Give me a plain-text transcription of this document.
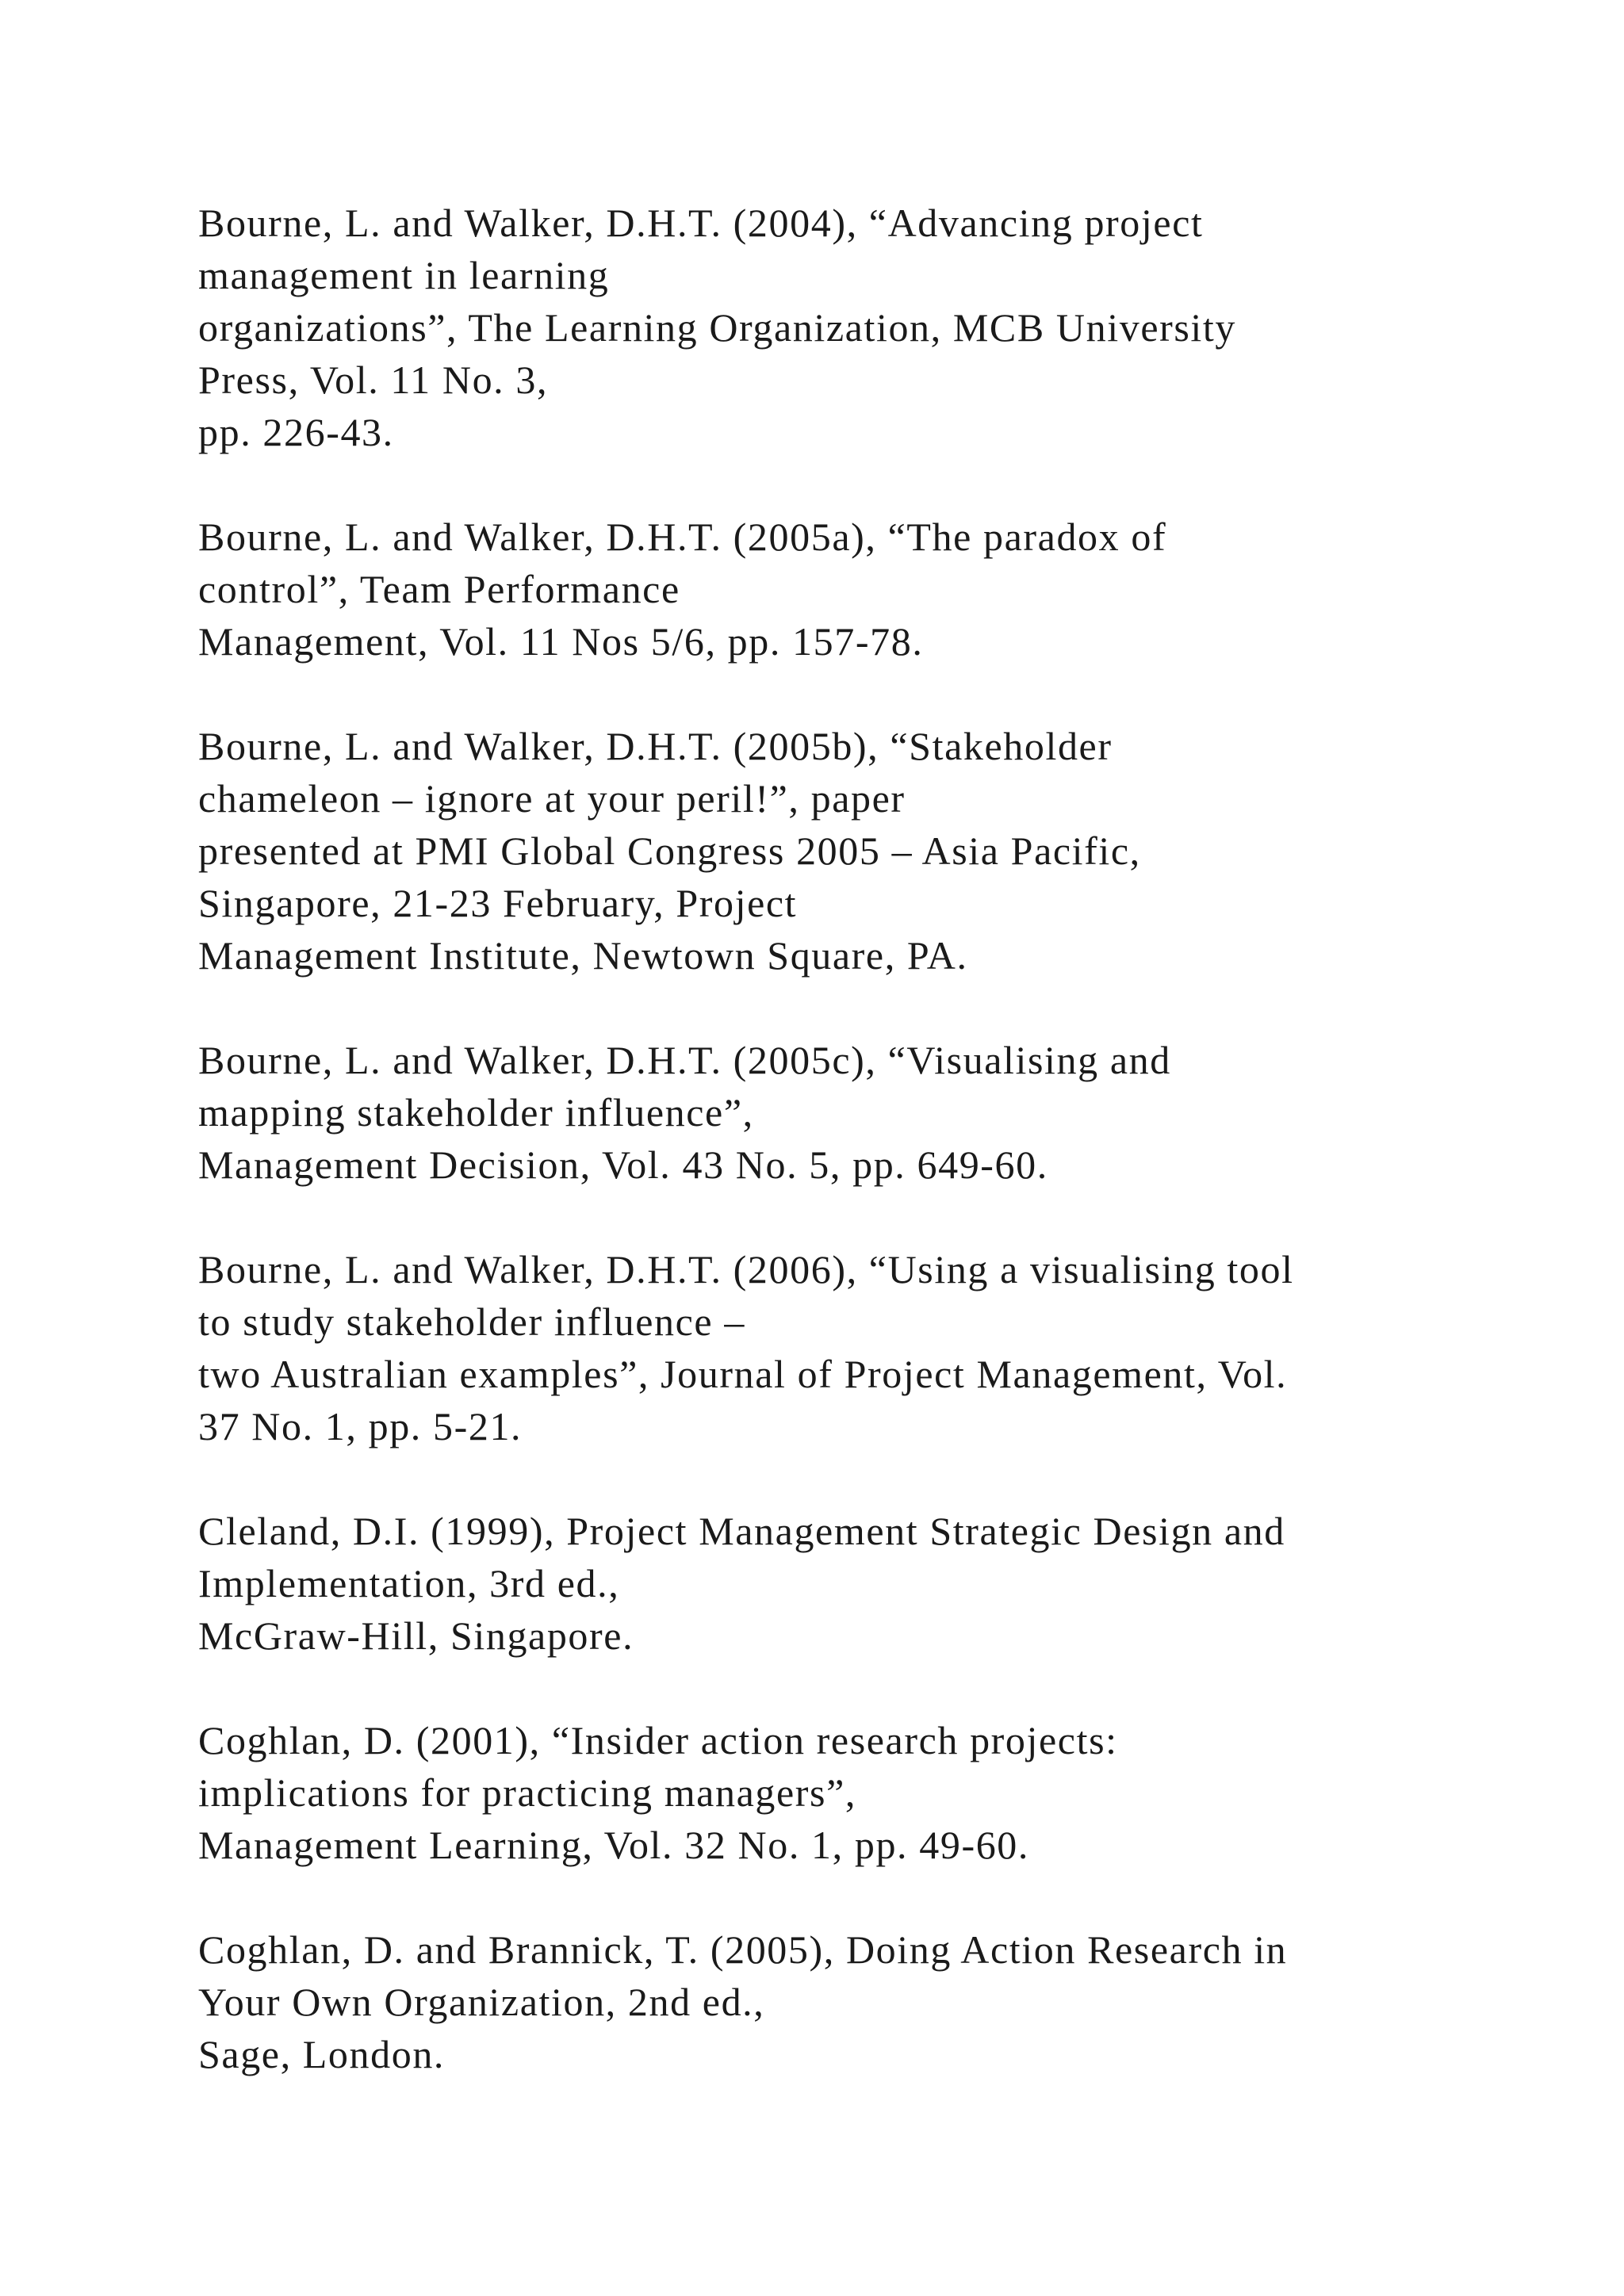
Bourne, L. and Walker, D.H.T. (2004), “Advancing project
management in learning
organizations”, The Learning Organization, MCB University
Press, Vol. 11 No. 3,
pp. 226-43.
Bourne, L. and Walker, D.H.T. (2005a), “The paradox of
control”, Team Performance
Management, Vol. 11 Nos 5/6, pp. 157-78.
Bourne, L. and Walker, D.H.T. (2005b), “Stakeholder
chameleon – ignore at your peril!”, paper
presented at PMI Global Congress 2005 – Asia Pacific,
Singapore, 21-23 February, Project
Management Institute, Newtown Square, PA.
Bourne, L. and Walker, D.H.T. (2005c), “Visualising and
mapping stakeholder influence”,
Management Decision, Vol. 43 No. 5, pp. 649-60.
Bourne, L. and Walker, D.H.T. (2006), “Using a visualising tool
to study stakeholder influence –
two Australian examples”, Journal of Project Management, Vol.
37 No. 1, pp. 5-21.
Cleland, D.I. (1999), Project Management Strategic Design and
Implementation, 3rd ed.,
McGraw-Hill, Singapore.
Coghlan, D. (2001), “Insider action research projects:
implications for practicing managers”,
Management Learning, Vol. 32 No. 1, pp. 49-60.
Coghlan, D. and Brannick, T. (2005), Doing Action Research in
Your Own Organization, 2nd ed.,
Sage, London.
